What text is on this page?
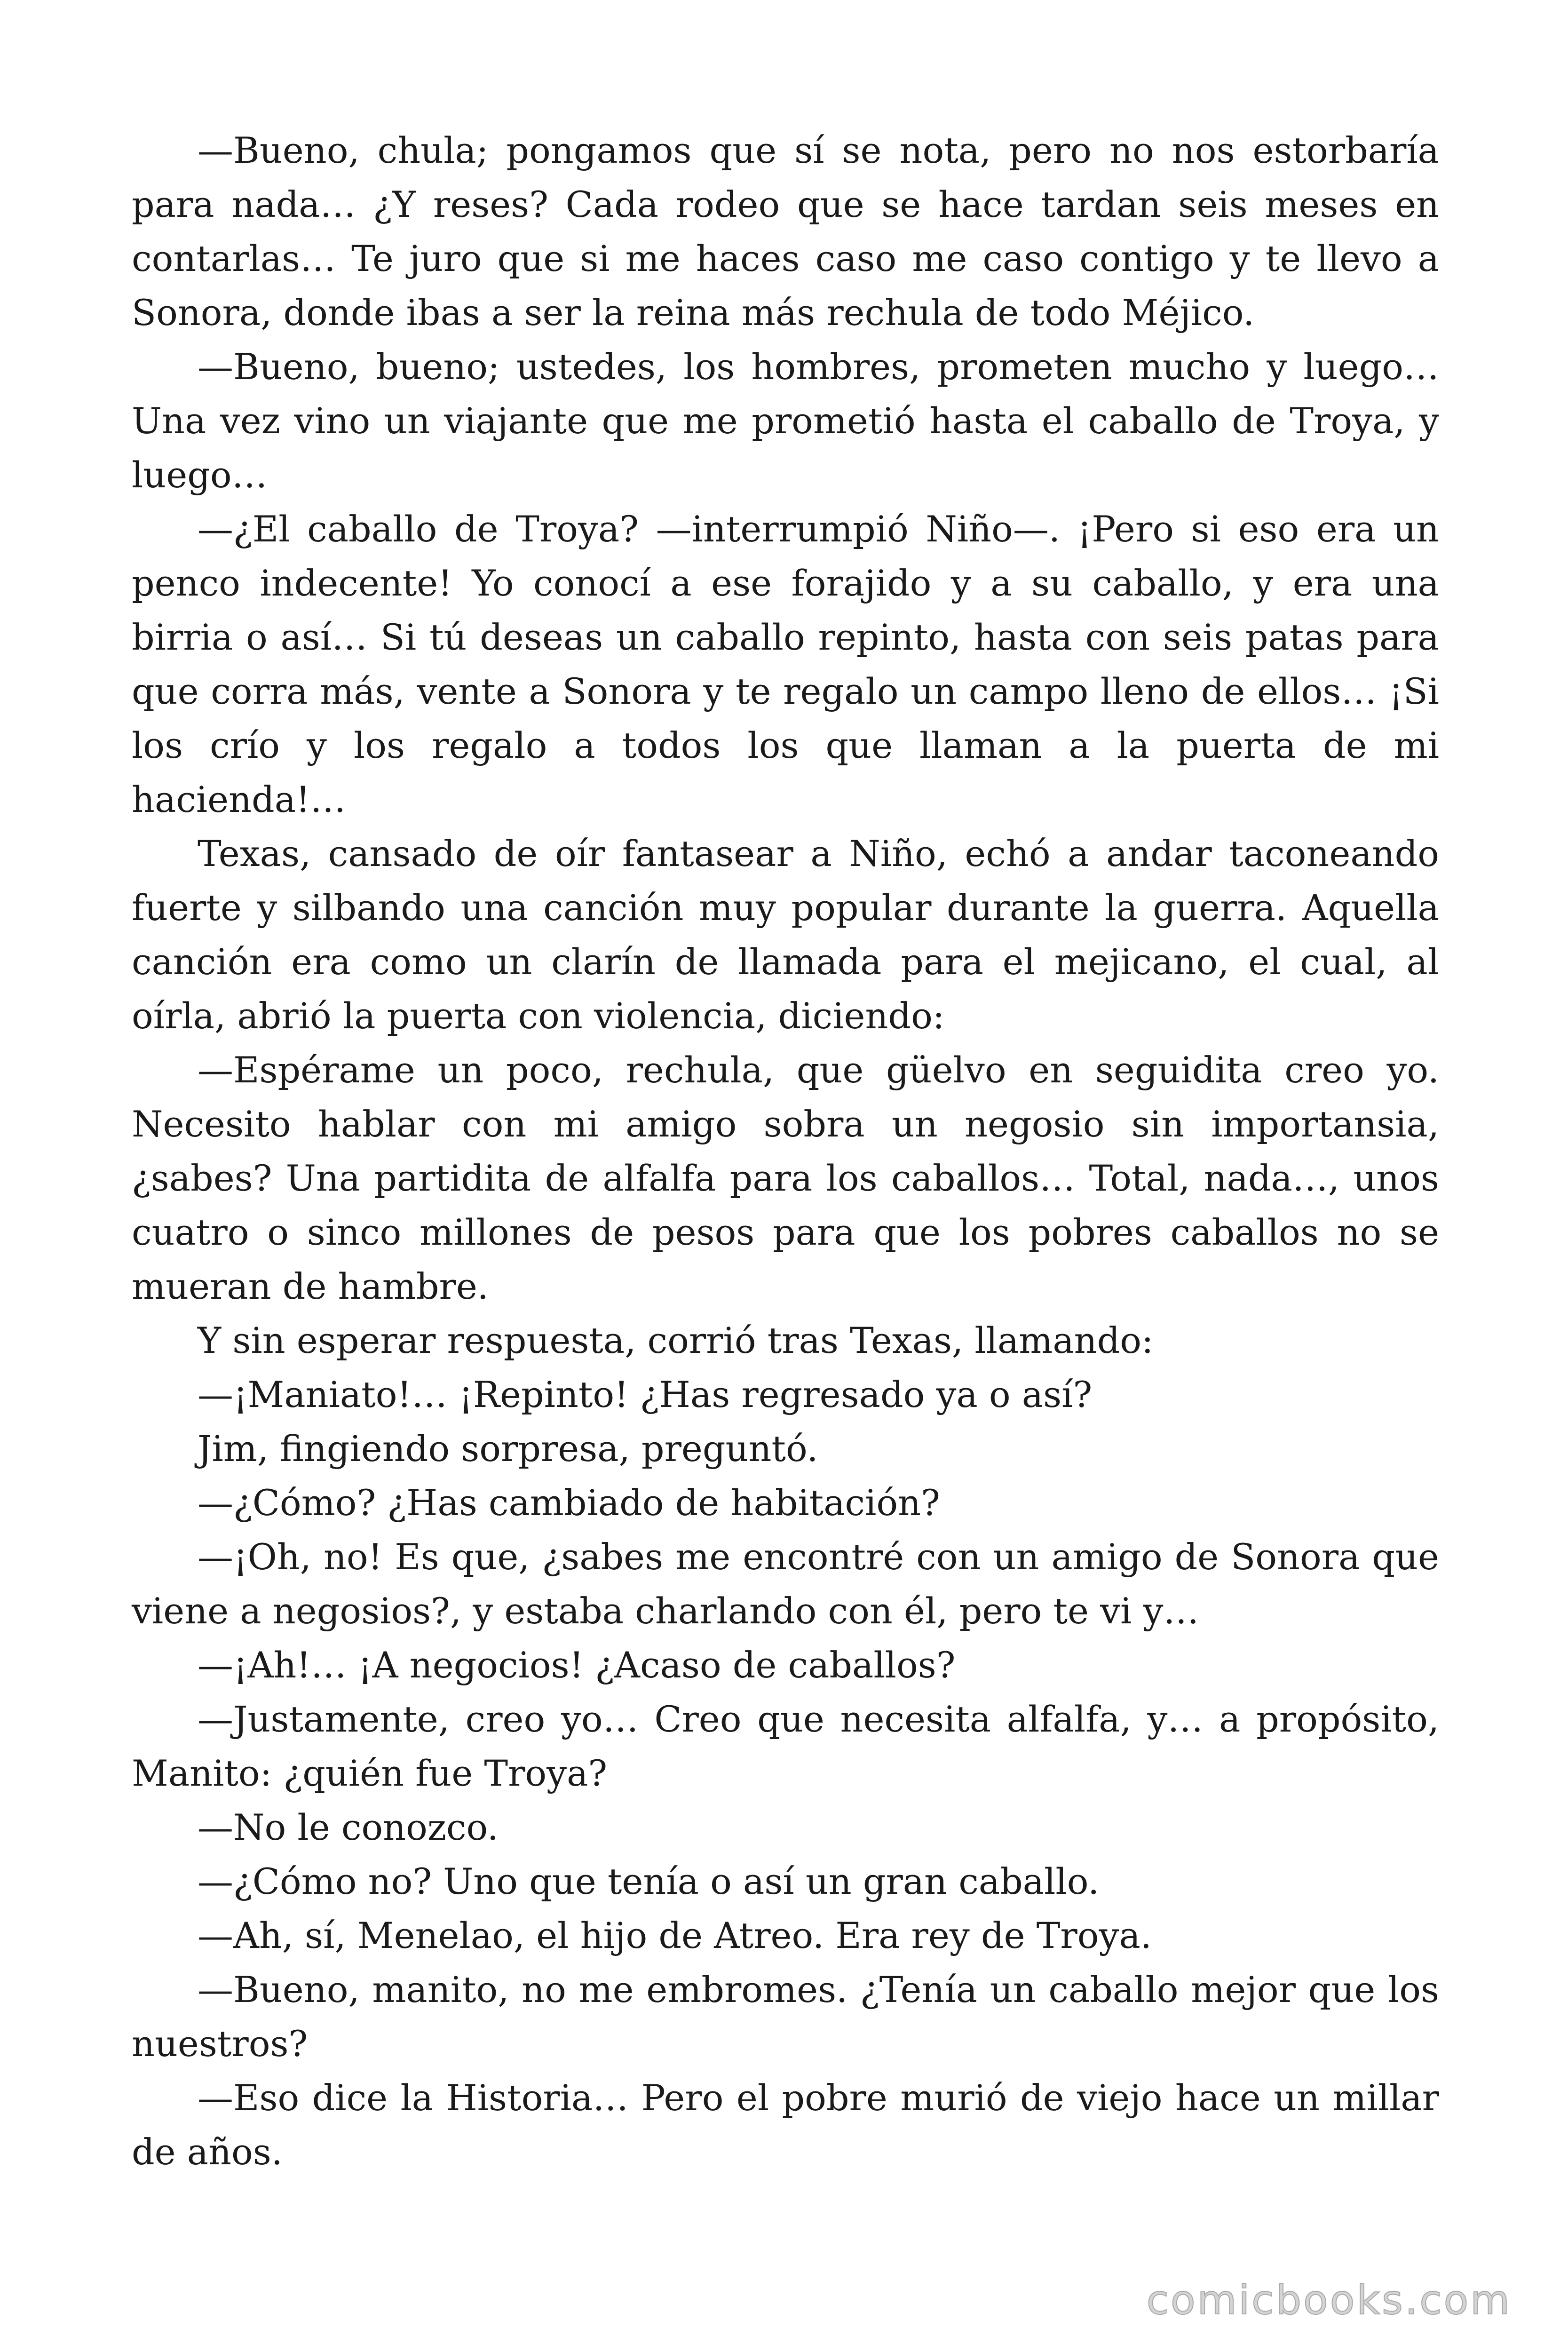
—Bueno, chula; pongamos que sí se nota, pero no nos estorbaría para nada… ¿Y reses? Cada rodeo que se hace tardan seis meses en contarlas… Te juro que si me haces caso me caso contigo y te llevo a Sonora, donde ibas a ser la reina más rechula de todo Méjico.

—Bueno, bueno; ustedes, los hombres, prometen mucho y luego… Una vez vino un viajante que me prometió hasta el caballo de Troya, y luego…

—¿El caballo de Troya? —interrumpió Niño—. ¡Pero si eso era un penco indecente! Yo conocí a ese forajido y a su caballo, y era una birria o así… Si tú deseas un caballo repinto, hasta con seis patas para que corra más, vente a Sonora y te regalo un campo lleno de ellos… ¡Si los crío y los regalo a todos los que llaman a la puerta de mi hacienda!…

Texas, cansado de oír fantasear a Niño, echó a andar taconeando fuerte y silbando una canción muy popular durante la guerra. Aquella canción era como un clarín de llamada para el mejicano, el cual, al oírla, abrió la puerta con violencia, diciendo:

—Espérame un poco, rechula, que güelvo en seguidita creo yo. Necesito hablar con mi amigo sobra un negosio sin importansia, ¿sabes? Una partidita de alfalfa para los caballos… Total, nada…, unos cuatro o sinco millones de pesos para que los pobres caballos no se mueran de hambre.

Y sin esperar respuesta, corrió tras Texas, llamando:

—¡Maniato!… ¡Repinto! ¿Has regresado ya o así?

Jim, fingiendo sorpresa, preguntó.

—¿Cómo? ¿Has cambiado de habitación?

—¡Oh, no! Es que, ¿sabes me encontré con un amigo de Sonora que viene a negosios?, y estaba charlando con él, pero te vi y…

—¡Ah!… ¡A negocios! ¿Acaso de caballos?

—Justamente, creo yo… Creo que necesita alfalfa, y… a propósito, Manito: ¿quién fue Troya?

—No le conozco.

—¿Cómo no? Uno que tenía o así un gran caballo.

—Ah, sí, Menelao, el hijo de Atreo. Era rey de Troya.

—Bueno, manito, no me embromes. ¿Tenía un caballo mejor que los nuestros?

—Eso dice la Historia… Pero el pobre murió de viejo hace un millar de años.

comicbooks.com
